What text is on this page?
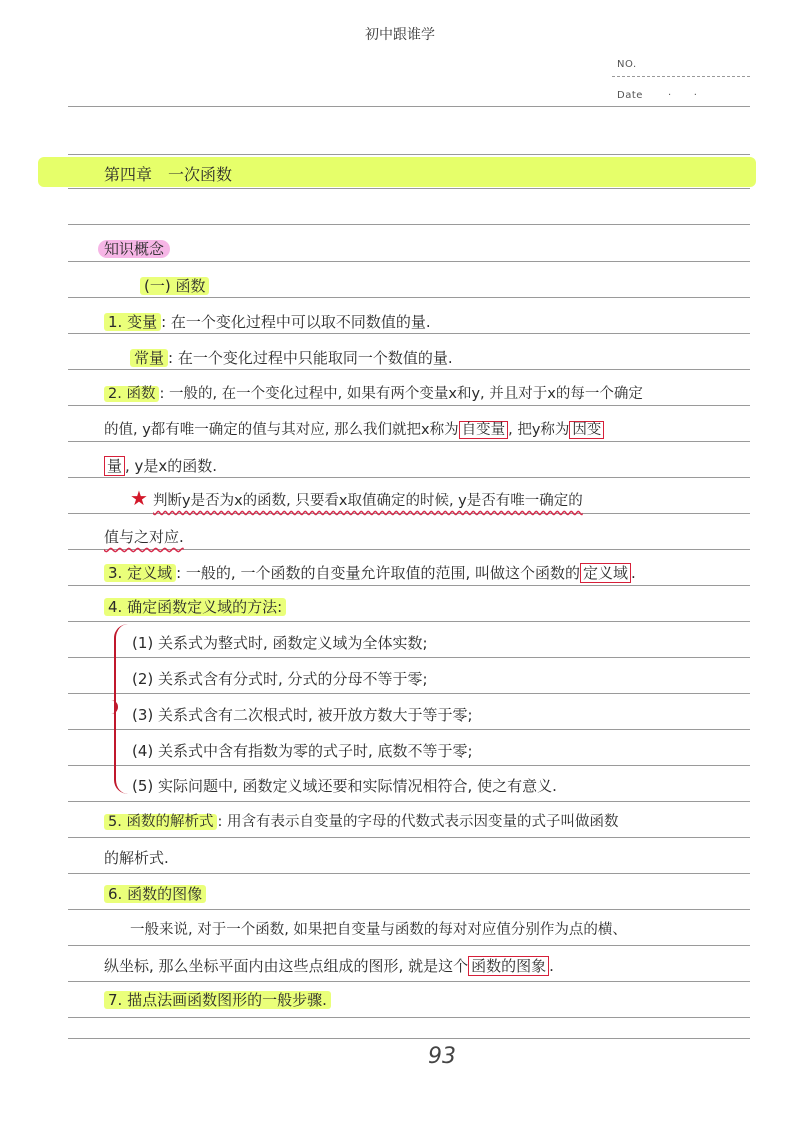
初中跟谁学
NO.
Date	·      ·
第四章　一次函数
知识概念
(一) 函数
1. 变量 : 在一个变化过程中可以取不同数值的量.
常量 : 在一个变化过程中只能取同一个数值的量.
2. 函数 : 一般的, 在一个变化过程中, 如果有两个变量x和y, 并且对于x的每一个确定
的值, y都有唯一确定的值与其对应, 那么我们就把x称为 自变量 , 把y称为 因变
量 , y是x的函数.
★ 判断y是否为x的函数, 只要看x取值确定的时候, y是否有唯一确定的
值与之对应.
3. 定义域 : 一般的, 一个函数的自变量允许取值的范围, 叫做这个函数的 定义域 .
4. 确定函数定义域的方法:
(1) 关系式为整式时, 函数定义域为全体实数;
(2) 关系式含有分式时, 分式的分母不等于零;
(3) 关系式含有二次根式时, 被开放方数大于等于零;
(4) 关系式中含有指数为零的式子时, 底数不等于零;
(5) 实际问题中, 函数定义域还要和实际情况相符合, 使之有意义.
5. 函数的解析式 : 用含有表示自变量的字母的代数式表示因变量的式子叫做函数
的解析式.
6. 函数的图像
一般来说, 对于一个函数, 如果把自变量与函数的每对对应值分别作为点的横、
纵坐标, 那么坐标平面内由这些点组成的图形, 就是这个 函数的图象 .
7. 描点法画函数图形的一般步骤.
93
